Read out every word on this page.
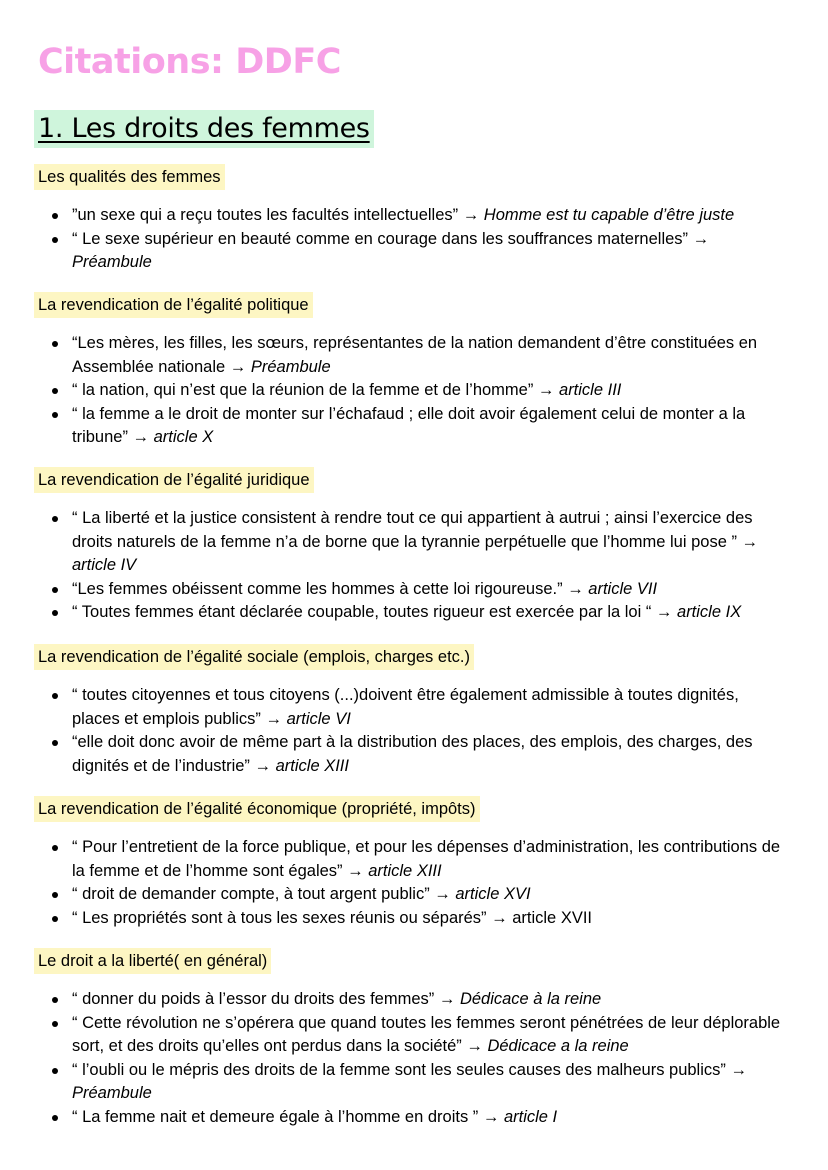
Citations: DDFC
1. Les droits des femmes
Les qualités des femmes
”un sexe qui a reçu toutes les facultés intellectuelles” → Homme est tu capable d’être juste
“ Le sexe supérieur en beauté comme en courage dans les souffrances maternelles” → Préambule
La revendication de l’égalité politique
“Les mères, les filles, les sœurs, représentantes de la nation demandent d’être constituées en Assemblée nationale → Préambule
“ la nation, qui n’est que la réunion de la femme et de l’homme” → article III
“ la femme a le droit de monter sur l’échafaud ; elle doit avoir également celui de monter a la tribune” → article X
La revendication de l’égalité juridique
“ La liberté et la justice consistent à rendre tout ce qui appartient à autrui ; ainsi l’exercice des droits naturels de la femme n’a de borne que la tyrannie perpétuelle que l’homme lui pose ” → article IV
“Les femmes obéissent comme les hommes à cette loi rigoureuse.” → article VII
“ Toutes femmes étant déclarée coupable, toutes rigueur est exercée par la loi “ → article IX
La revendication de l’égalité sociale (emplois, charges etc.)
“ toutes citoyennes et tous citoyens (...)doivent être également admissible à toutes dignités, places et emplois publics” → article VI
“elle doit donc avoir de même part à la distribution des places, des emplois, des charges, des dignités et de l’industrie” → article XIII
La revendication de l’égalité économique (propriété, impôts)
“ Pour l’entretient de la force publique, et pour les dépenses d’administration, les contributions de la femme et de l’homme sont égales” → article XIII
“ droit de demander compte, à tout argent public” → article XVI
“ Les propriétés sont à tous les sexes réunis ou séparés” → article XVII
Le droit a la liberté( en général)
“ donner du poids à l’essor du droits des femmes” → Dédicace à la reine
“ Cette révolution ne s’opérera que quand toutes les femmes seront pénétrées de leur déplorable sort, et des droits qu’elles ont perdus dans la société” → Dédicace a la reine
“ l’oubli ou le mépris des droits de la femme sont les seules causes des malheurs publics” → Préambule
“ La femme nait et demeure égale à l’homme en droits ” → article I
